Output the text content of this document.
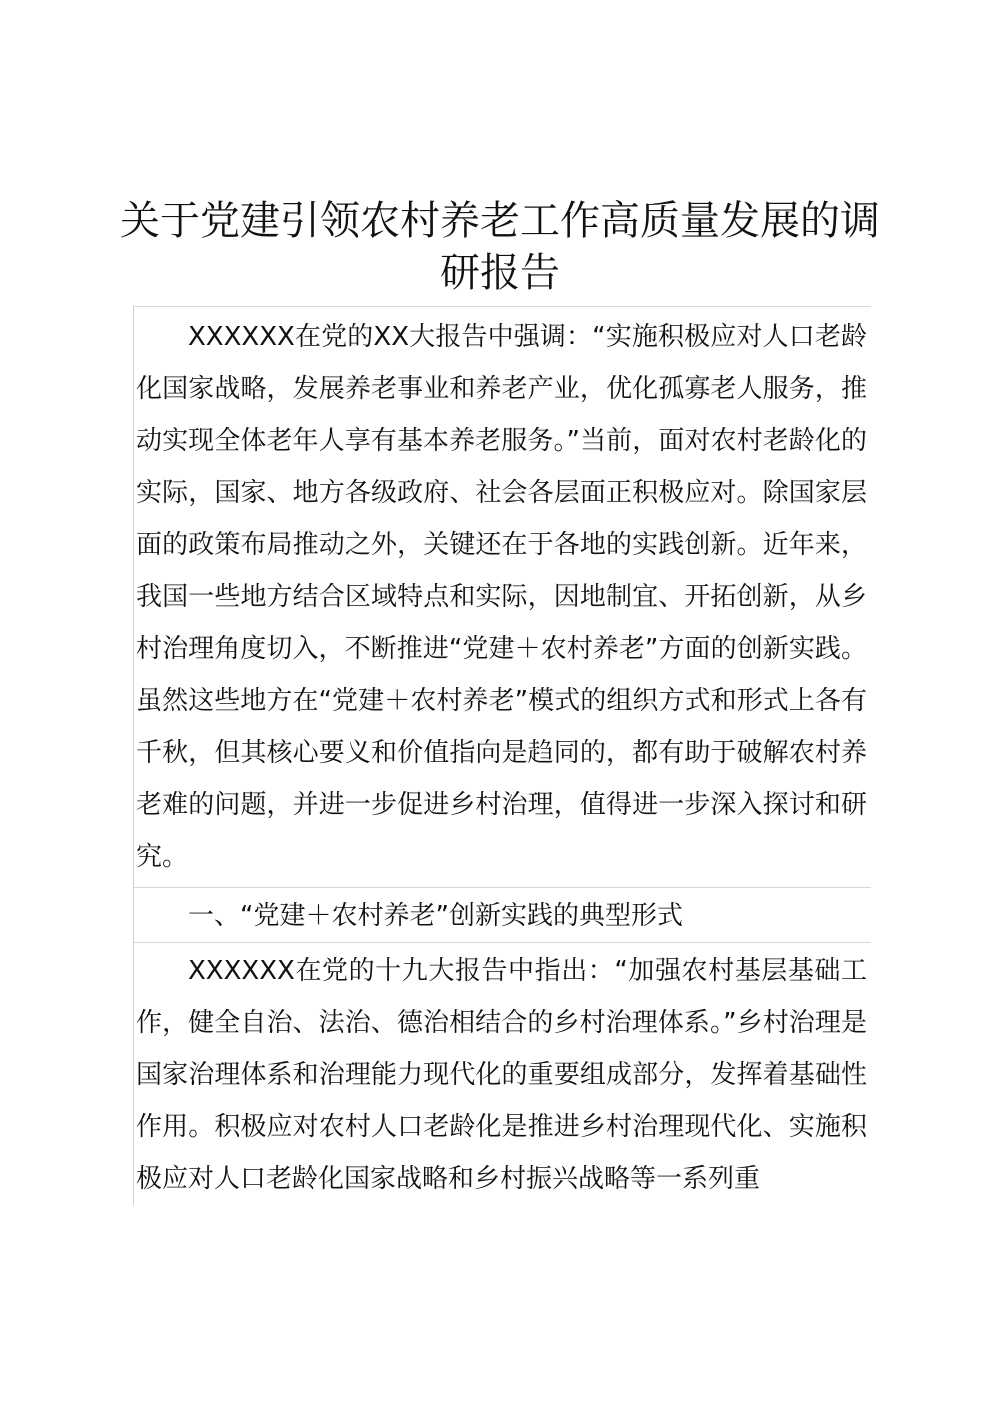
关于党建引领农村养老工作高质量发展的调研报告

XXXXXX在党的XX大报告中强调：“实施积极应对人口老龄化国家战略，发展养老事业和养老产业，优化孤寡老人服务，推动实现全体老年人享有基本养老服务。”当前，面对农村老龄化的实际，国家、地方各级政府、社会各层面正积极应对。除国家层面的政策布局推动之外，关键还在于各地的实践创新。近年来，我国一些地方结合区域特点和实际，因地制宜、开拓创新，从乡村治理角度切入，不断推进“党建＋农村养老”方面的创新实践。虽然这些地方在“党建＋农村养老”模式的组织方式和形式上各有千秋，但其核心要义和价值指向是趋同的，都有助于破解农村养老难的问题，并进一步促进乡村治理，值得进一步深入探讨和研究。

一、“党建＋农村养老”创新实践的典型形式

XXXXXX在党的十九大报告中指出：“加强农村基层基础工作，健全自治、法治、德治相结合的乡村治理体系。”乡村治理是国家治理体系和治理能力现代化的重要组成部分，发挥着基础性作用。积极应对农村人口老龄化是推进乡村治理现代化、实施积极应对人口老龄化国家战略和乡村振兴战略等一系列重
